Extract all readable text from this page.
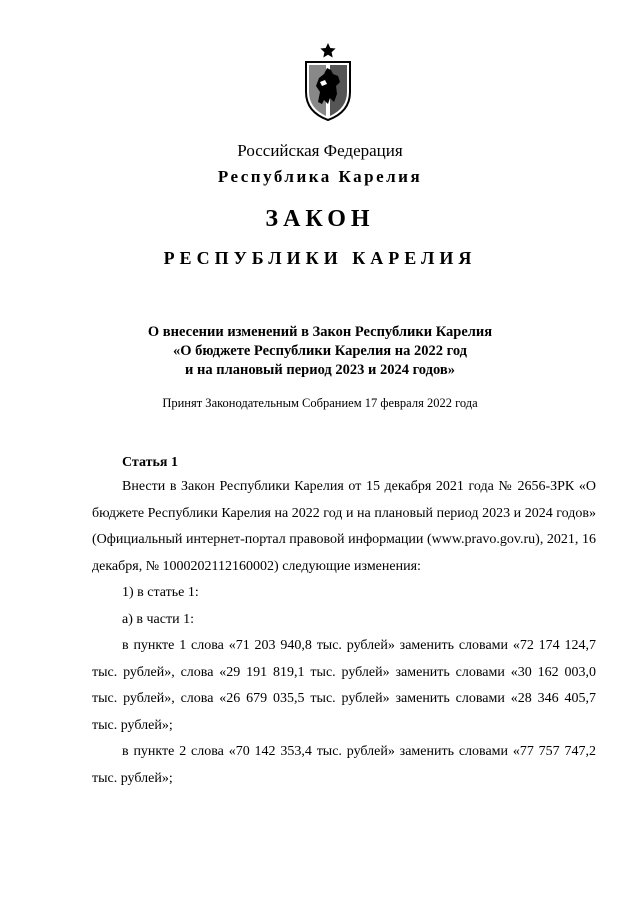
Российская Федерация
Республика Карелия
ЗАКОН
РЕСПУБЛИКИ КАРЕЛИЯ
О внесении изменений в Закон Республики Карелия
«О бюджете Республики Карелия на 2022 год
и на плановый период 2023 и 2024 годов»
Принят Законодательным Собранием 17 февраля 2022 года
Статья 1

Внести в Закон Республики Карелия от 15 декабря 2021 года № 2656-ЗРК «О бюджете Республики Карелия на 2022 год и на плановый период 2023 и 2024 годов» (Официальный интернет-портал правовой информации (www.pravo.gov.ru), 2021, 16 декабря, № 1000202112160002) следующие изменения:

1) в статье 1:

а) в части 1:

в пункте 1 слова «71 203 940,8 тыс. рублей» заменить словами «72 174 124,7 тыс. рублей», слова «29 191 819,1 тыс. рублей» заменить словами «30 162 003,0 тыс. рублей», слова «26 679 035,5 тыс. рублей» заменить словами «28 346 405,7 тыс. рублей»;

в пункте 2 слова «70 142 353,4 тыс. рублей» заменить словами «77 757 747,2 тыс. рублей»;
